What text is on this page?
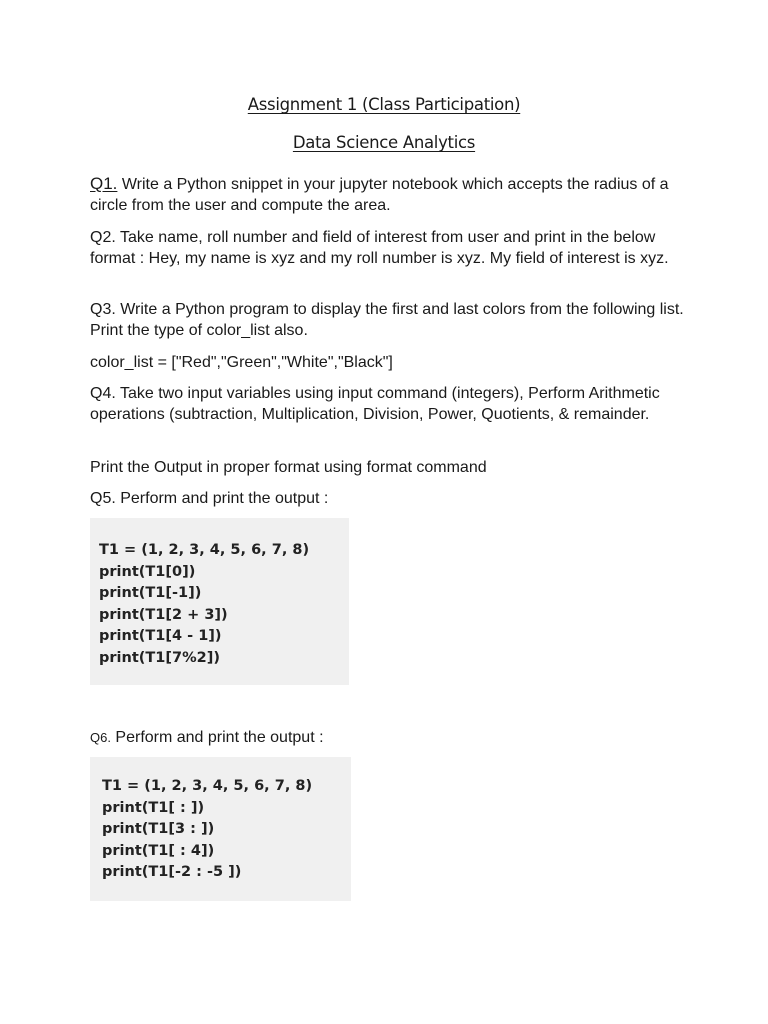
Assignment 1 (Class Participation)
Data Science Analytics

Q1. Write a Python snippet in your jupyter notebook which accepts the radius of a circle from the user and compute the area.

Q2. Take name, roll number and field of interest from user and print in the below format : Hey, my name is xyz and my roll number is xyz. My field of interest is xyz.

Q3. Write a Python program to display the first and last colors from the following list. Print the type of color_list also.

color_list = ["Red","Green","White","Black"]

Q4. Take two input variables using input command (integers), Perform Arithmetic operations (subtraction, Multiplication, Division, Power, Quotients, & remainder.

Print the Output in proper format using format command

Q5. Perform and print the output :

T1 = (1, 2, 3, 4, 5, 6, 7, 8)
print(T1[0])
print(T1[-1])
print(T1[2 + 3])
print(T1[4 - 1])
print(T1[7%2])

Q6. Perform and print the output :

T1 = (1, 2, 3, 4, 5, 6, 7, 8)
print(T1[ : ])
print(T1[3 : ])
print(T1[ : 4])
print(T1[-2 : -5 ])
